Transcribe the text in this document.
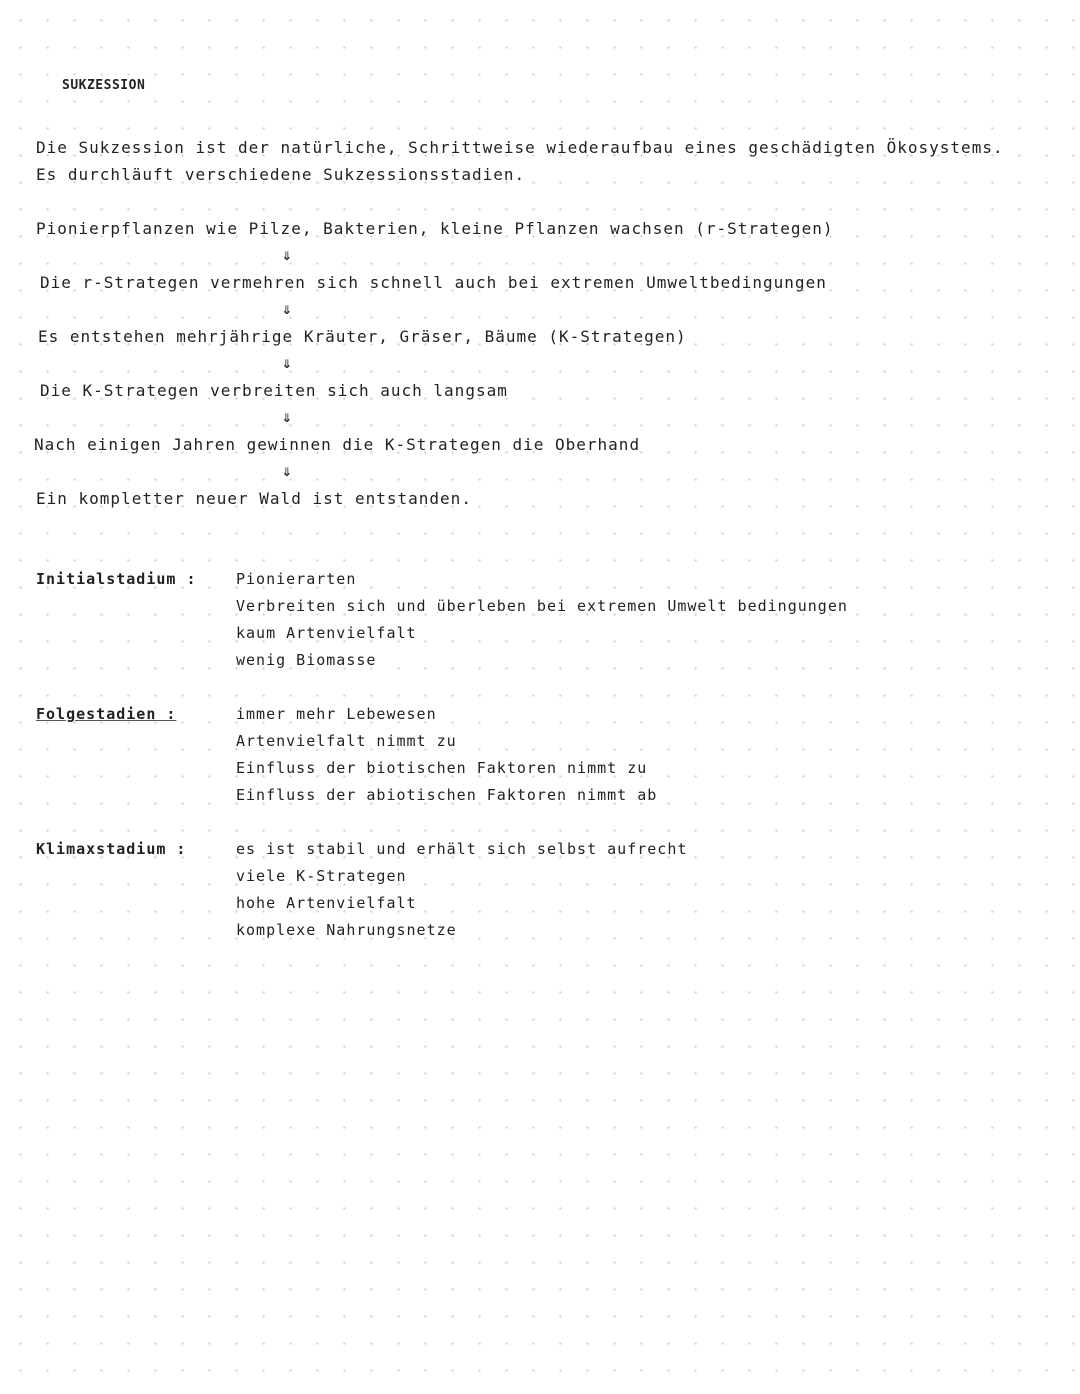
SUKZESSION
Die Sukzession ist der natürliche, Schrittweise wiederaufbau eines geschädigten Ökosystems.
Es durchläuft verschiedene Sukzessionsstadien.
Pionierpflanzen wie Pilze, Bakterien, kleine Pflanzen wachsen (r-Strategen)
⇓
Die r-Strategen vermehren sich schnell auch bei extremen Umweltbedingungen
⇓
Es entstehen mehrjährige Kräuter, Gräser, Bäume (K-Strategen)
⇓
Die K-Strategen verbreiten sich auch langsam
⇓
Nach einigen Jahren gewinnen die K-Strategen die Oberhand
⇓
Ein kompletter neuer Wald ist entstanden.
Initialstadium :	Pionierarten
Verbreiten sich und überleben bei extremen Umwelt bedingungen
kaum Artenvielfalt
wenig Biomasse
Folgestadien :	immer mehr Lebewesen
Artenvielfalt nimmt zu
Einfluss der biotischen Faktoren nimmt zu
Einfluss der abiotischen Faktoren nimmt ab
Klimaxstadium :	es ist stabil und erhält sich selbst aufrecht
viele K-Strategen
hohe Artenvielfalt
komplexe Nahrungsnetze
